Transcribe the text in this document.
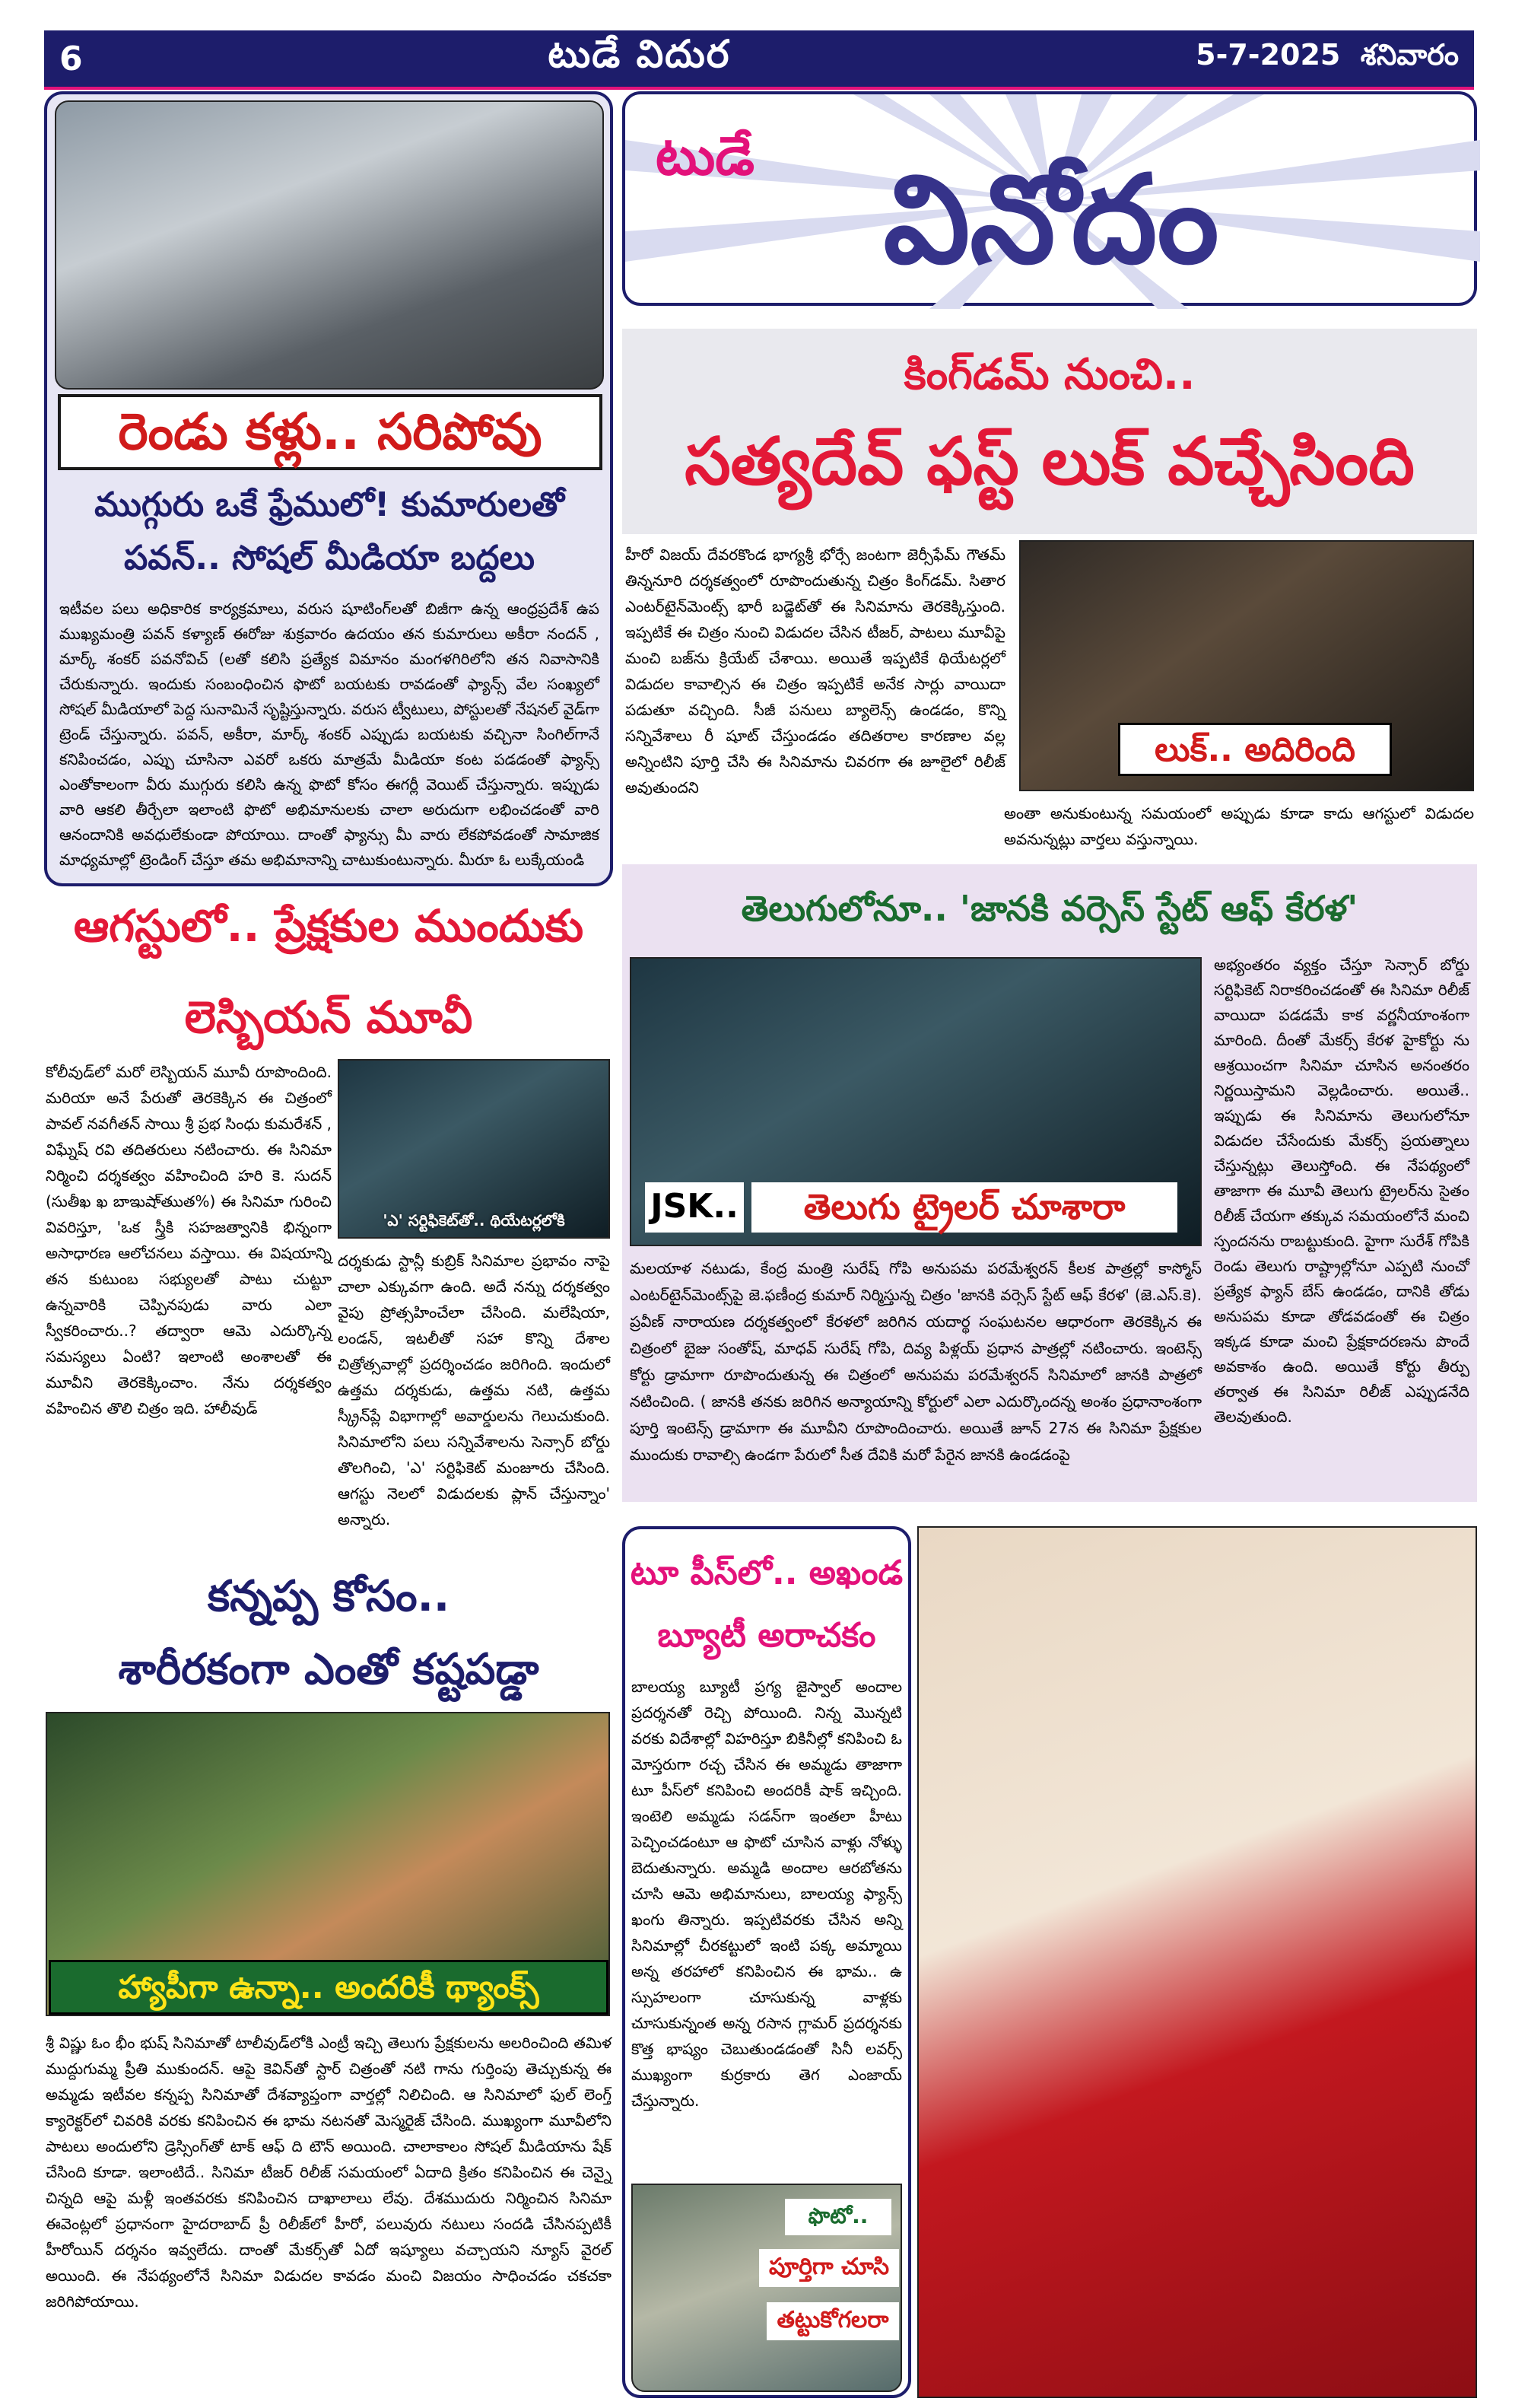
6	టుడే విదుర	5-7-2025 శనివారం
టుడే	వినోదం
రెండు కళ్లు.. సరిపోవు
ముగ్గురు ఒకే ఫ్రేములో! కుమారులతో
పవన్.. సోషల్ మీడియా బద్దలు
ఇటీవల పలు అధికారిక కార్యక్రమాలు, వరుస షూటింగ్‌లతో బిజీగా ఉన్న ఆంధ్రప్రదేశ్ ఉప ముఖ్యమంత్రి పవన్ కళ్యాణ్ ఈరోజు శుక్రవారం ఉదయం తన కుమారులు అకీరా నందన్ , మార్క్ శంకర్ పవనోవిచ్ (లతో కలిసి ప్రత్యేక విమానం మంగళగిరిలోని తన నివాసానికి చేరుకున్నారు. ఇందుకు సంబంధించిన ఫొటో బయటకు రావడంతో ఫ్యాన్స్ వేల సంఖ్యలో సోషల్ మీడియాలో పెద్ద సునామినే సృష్టిస్తున్నారు. వరుస ట్వీటులు, పోస్టులతో నేషనల్ వైడ్‌గా ట్రెండ్ చేస్తున్నారు. పవన్, అకీరా, మార్క్ శంకర్ ఎప్పుడు బయటకు వచ్చినా సింగిల్‌గానే కనిపించడం, ఎప్పు చూసినా ఎవరో ఒకరు మాత్రమే మీడియా కంట పడడంతో ఫ్యాన్స్ ఎంతోకాలంగా వీరు ముగ్గురు కలిసి ఉన్న ఫొటో కోసం ఈగర్లీ వెయిట్ చేస్తున్నారు. ఇప్పుడు వారి ఆకలి తీర్చేలా ఇలాంటి ఫొటో అభిమానులకు చాలా అరుదుగా లభించడంతో వారి ఆనందానికి అవధులేకుండా పోయాయి. దాంతో ఫ్యాన్సు మీ వారు లేకపోవడంతో సామాజిక మాధ్యమాల్లో ట్రెండింగ్ చేస్తూ తమ అభిమానాన్ని చాటుకుంటున్నారు. మీరూ ఓ లుక్కేయండి
కింగ్‌డమ్ నుంచి..
సత్యదేవ్ ఫస్ట్ లుక్ వచ్చేసింది
హీరో విజయ్ దేవరకొండ భాగ్యశ్రీ భోర్సే జంటగా జెర్సీఫేమ్ గౌతమ్ తిన్ననూరి దర్శకత్వంలో రూపొందుతున్న చిత్రం కింగ్‌డమ్. సితార ఎంటర్‌టైన్‌మెంట్స్‌ భారీ బడ్జెట్‌తో ఈ సినిమాను తెరకెక్కిస్తుంది. ఇప్పటికే ఈ చిత్రం నుంచి విడుదల చేసిన టీజర్, పాటలు మూవీపై మంచి బజ్‌ను క్రియేట్ చేశాయి. అయితే ఇప్పటికే థియేటర్లలో విడుదల కావాల్సిన ఈ చిత్రం ఇప్పటికే అనేక సార్లు వాయిదా పడుతూ వచ్చింది. సీజీ పనులు బ్యాలెన్స్ ఉండడం, కొన్ని సన్నివేశాలు రీ షూట్ చేస్తుండడం తదితరాల కారణాల వల్ల అన్నింటిని పూర్తి చేసి ఈ సినిమాను చివరగా ఈ జూలైలో రిలీజ్ అవుతుందని
లుక్.. అదిరింది
అంతా అనుకుంటున్న సమయంలో అప్పుడు కూడా కాదు ఆగస్టులో విడుదల అవనున్నట్లు వార్తలు వస్తున్నాయి.
ఆగస్టులో.. ప్రేక్షకుల ముందుకు
లెస్బియన్ మూవీ
కోలీవుడ్‌లో మరో లెస్బియన్ మూవీ రూపొందింది. మరియా అనే పేరుతో తెరకెక్కిన ఈ చిత్రంలో పావల్ నవగీతన్ సాయి శ్రీ ప్రభ సింధు కుమరేశన్ , విఘ్నేష్ రవి తదితరులు నటించారు. ఈ సినిమా నిర్మించి దర్శకత్వం వహించింది హరి కె. సుదన్ (సుతీఖ ఖ బాఇుషా్తుుత%) ఈ సినిమా గురించి వివరిస్తూ, 'ఒక స్త్రీకి సహజత్వానికి భిన్నంగా అసాధారణ ఆలోచనలు వస్తాయి. ఈ విషయాన్ని తన కుటుంబ సభ్యులతో పాటు చుట్టూ ఉన్నవారికి చెప్పినపుడు వారు ఎలా స్వీకరించారు..? తద్వారా ఆమె ఎదుర్కొన్న సమస్యలు ఏంటి? ఇలాంటి అంశాలతో ఈ మూవీని తెరకెక్కించాం. నేను దర్శకత్వం వహించిన తొలి చిత్రం ఇది. హాలీవుడ్
'ఎ' సర్టిఫికెట్‌తో.. థియేటర్లలోకి
దర్శకుడు స్టాన్లీ కుబ్రిక్ సినిమాల ప్రభావం నాపై చాలా ఎక్కువగా ఉంది. అదే నన్ను దర్శకత్వం వైపు ప్రోత్సహించేలా చేసింది. మలేషియా, లండన్, ఇటలీతో సహా కొన్ని దేశాల చిత్రోత్సవాల్లో ప్రదర్శించడం జరిగింది. ఇందులో ఉత్తమ దర్శకుడు, ఉత్తమ నటి, ఉత్తమ స్క్రీన్‌ప్లే విభాగాల్లో అవార్డులను గెలుచుకుంది. సినిమాలోని పలు సన్నివేశాలను సెన్సార్ బోర్డు తొలగించి, 'ఎ' సర్టిఫికెట్ మంజూరు చేసింది. ఆగస్టు నెలలో విడుదలకు ప్లాన్ చేస్తున్నాం' అన్నారు.
తెలుగులోనూ.. 'జానకి వర్సెస్ స్టేట్ ఆఫ్ కేరళ'
JSK..	తెలుగు ట్రైలర్ చూశారా
అభ్యంతరం వ్యక్తం చేస్తూ సెన్సార్ బోర్డు సర్టిఫికెట్ నిరాకరించడంతో ఈ సినిమా రిలీజ్ వాయిదా పడడమే కాక వర్ణనీయాంశంగా మారింది. దీంతో మేకర్స్ కేరళ హైకోర్టు ను ఆశ్రయించగా సినిమా చూసిన అనంతరం నిర్ణయిస్తామని వెల్లడించారు. అయితే.. ఇప్పుడు ఈ సినిమాను తెలుగులోనూ విడుదల చేసేందుకు మేకర్స్ ప్రయత్నాలు చేస్తున్నట్లు తెలుస్తోంది. ఈ నేపథ్యంలో తాజాగా ఈ మూవీ తెలుగు ట్రైలర్‌ను సైతం రిలీజ్ చేయగా తక్కువ సమయంలోనే మంచి స్పందనను రాబట్టుకుంది. హైగా సురేశ్ గోపికి రెండు తెలుగు రాష్ట్రాల్లోనూ ఎప్పటి నుంచో ప్రత్యేక ఫ్యాన్ బేస్ ఉండడం, దానికి తోడు అనుపమ కూడా తోడవడంతో ఈ చిత్రం ఇక్కడ కూడా మంచి ప్రేక్షకాదరణను పొందే అవకాశం ఉంది. అయితే కోర్టు తీర్పు తర్వాత ఈ సినిమా రిలీజ్ ఎప్పుడనేది తెలవుతుంది.
మలయాళ నటుడు, కేంద్ర మంత్రి సురేష్ గోపి అనుపమ పరమేశ్వరన్ కీలక పాత్రల్లో కాస్మోస్ ఎంటర్‌టైన్‌మెంట్స్‌పై జె.ఫణీంద్ర కుమార్ నిర్మిస్తున్న చిత్రం 'జానకి వర్సెస్ స్టేట్ ఆఫ్ కేరళ' (జె.ఎస్.కె). ప్రవీణ్ నారాయణ దర్శకత్వంలో కేరళలో జరిగిన యదార్థ సంఘటనల ఆధారంగా తెరకెక్కిన ఈ చిత్రంలో బైజు సంతోష్, మాధవ్ సురేష్ గోపి, దివ్య పిళ్లయ్ ప్రధాన పాత్రల్లో నటించారు. ఇంటెన్స్ కోర్టు డ్రామాగా రూపొందుతున్న ఈ చిత్రంలో అనుపమ పరమేశ్వరన్ సినిమాలో జానకి పాత్రలో నటించింది. ( జానకి తనకు జరిగిన అన్యాయాన్ని కోర్టులో ఎలా ఎదుర్కొందన్న అంశం ప్రధానాంశంగా పూర్తి ఇంటెన్స్ డ్రామాగా ఈ మూవీని రూపొందించారు. అయితే జూన్ 27న ఈ సినిమా ప్రేక్షకుల ముందుకు రావాల్సి ఉండగా పేరులో సీత దేవికి మరో పేరైన జానకి ఉండడంపై
కన్నప్ప కోసం..
శారీరకంగా ఎంతో కష్టపడ్డా
హ్యాపీగా ఉన్నా.. అందరికీ థ్యాంక్స్
శ్రీ విష్ణు ఓం భీం భుష్ సినిమాతో టాలీవుడ్‌లోకి ఎంట్రీ ఇచ్చి తెలుగు ప్రేక్షకులను అలరించింది తమిళ ముద్దుగుమ్మ ప్రీతి ముకుందన్. ఆపై కెవిన్‌తో స్టార్ చిత్రంతో నటి గాను గుర్తింపు తెచ్చుకున్న ఈ అమ్మడు ఇటీవల కన్నప్ప సినిమాతో దేశవ్యాప్తంగా వార్తల్లో నిలిచింది. ఆ సినిమాలో ఫుల్ లెంగ్త్ క్యారెక్టర్‌లో చివరికి వరకు కనిపించిన ఈ భామ నటనతో మెస్మరైజ్ చేసింది. ముఖ్యంగా మూవీలోని పాటలు అందులోని డ్రెస్సింగ్‌తో టాక్ ఆఫ్ ది టౌన్ అయింది. చాలాకాలం సోషల్ మీడియాను షేక్ చేసింది కూడా. ఇలాంటిదే.. సినిమా టీజర్ రిలీజ్ సమయంలో ఏదాది క్రితం కనిపించిన ఈ చెన్నై చిన్నది ఆపై మళ్లీ ఇంతవరకు కనిపించిన దాఖాలాలు లేవు. దేశముదురు నిర్మించిన సినిమా ఈవెంట్లలో ప్రధానంగా హైదరాబాద్ ప్రీ రిలీజ్‌లో హీరో, పలువురు నటులు సందడి చేసినప్పటికీ హీరోయిన్ దర్శనం ఇవ్వలేదు. దాంతో మేకర్స్‌తో ఏదో ఇష్యూలు వచ్చాయని న్యూస్ వైరల్ అయింది. ఈ నేపథ్యంలోనే సినిమా విడుదల కావడం మంచి విజయం సాధించడం చకచకా జరిగిపోయాయి.
టూ పీస్‌లో.. అఖండ
బ్యూటీ అరాచకం
బాలయ్య బ్యూటీ ప్రగ్య జైస్వాల్ అందాల ప్రదర్శనతో రెచ్చి పోయింది. నిన్న మొన్నటి వరకు విదేశాల్లో విహరిస్తూ బికినీల్లో కనిపించి ఓ మోస్తరుగా రచ్చ చేసిన ఈ అమ్మడు తాజాగా టూ పీస్‌లో కనిపించి అందరికీ షాక్ ఇచ్చింది. ఇంటెలి అమ్మడు సడన్‌గా ఇంతలా హీటు పెచ్చించడంటూ ఆ ఫొటో చూసిన వాళ్లు నోళ్ళు బెదుతున్నారు. అమ్మడి అందాల ఆరబోతను చూసి ఆమె అభిమానులు, బాలయ్య ఫ్యాన్స్ ఖంగు తిన్నారు. ఇప్పటివరకు చేసిన అన్ని సినిమాల్లో చీరకట్టులో ఇంటి పక్క అమ్మాయి అన్న తరహాలో కనిపించిన ఈ భామ.. ఉ స్సుహలంగా చూసుకున్న వాళ్లకు చూసుకున్నంత అన్న రసాన గ్లామర్ ప్రదర్శనకు కొత్త భాష్యం చెబుతుండడంతో సినీ లవర్స్ ముఖ్యంగా కుర్రకారు తెగ ఎంజాయ్ చేస్తున్నారు.
ఫొటో..
పూర్తిగా చూసి
తట్టుకోగలరా
